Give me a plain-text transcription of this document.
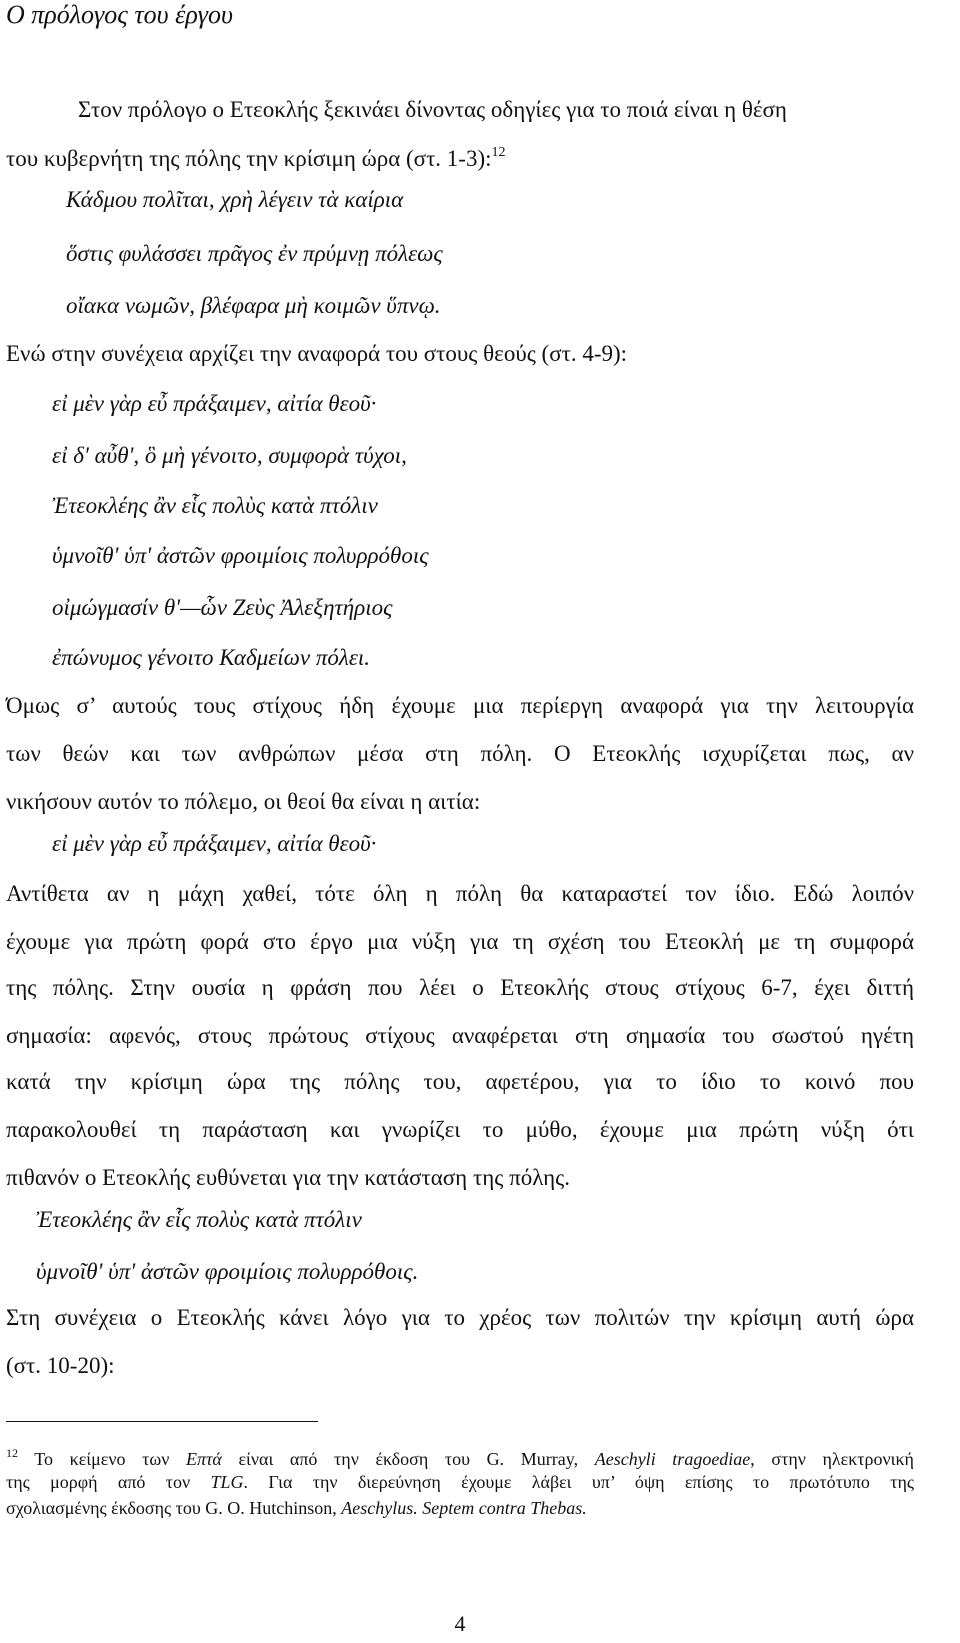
Ο πρόλογος του έργου
Στον πρόλογο ο Ετεοκλής ξεκινάει δίνοντας οδηγίες για το ποιά είναι η θέση
του κυβερνήτη της πόλης την κρίσιμη ώρα (στ. 1-3):$^{12}$
Κάδμου πολῖται, χρὴ λέγειν τὰ καίρια
ὅστις φυλάσσει πρᾶγος ἐν πρύμνῃ πόλεως
οἴακα νωμῶν, βλέφαρα μὴ κοιμῶν ὕπνῳ.
Ενώ στην συνέχεια αρχίζει την αναφορά του στους θεούς (στ. 4-9):
εἰ μὲν γὰρ εὖ πράξαιμεν, αἰτία θεοῦ·
εἰ δ' αὖθ', ὃ μὴ γένοιτο, συμφορὰ τύχοι,
Ἐτεοκλέης ἂν εἷς πολὺς κατὰ πτόλιν
ὑμνοῖθ' ὑπ' ἀστῶν φροιμίοις πολυρρόθοις
οἰμώγμασίν θ'—ὧν Ζεὺς Ἀλεξητήριος
ἐπώνυμος γένοιτο Καδμείων πόλει.
Όμως σ’ αυτούς τους στίχους ήδη έχουμε μια περίεργη αναφορά για την λειτουργία
των θεών και των ανθρώπων μέσα στη πόλη. Ο Ετεοκλής ισχυρίζεται πως, αν
νικήσουν αυτόν το πόλεμο, οι θεοί θα είναι η αιτία:
εἰ μὲν γὰρ εὖ πράξαιμεν, αἰτία θεοῦ·
Αντίθετα αν η μάχη χαθεί, τότε όλη η πόλη θα καταραστεί τον ίδιο. Εδώ λοιπόν
έχουμε για πρώτη φορά στο έργο μια νύξη για τη σχέση του Ετεοκλή με τη συμφορά
της πόλης. Στην ουσία η φράση που λέει ο Ετεοκλής στους στίχους 6-7, έχει διττή
σημασία: αφενός, στους πρώτους στίχους αναφέρεται στη σημασία του σωστού ηγέτη
κατά την κρίσιμη ώρα της πόλης του, αφετέρου, για το ίδιο το κοινό που
παρακολουθεί τη παράσταση και γνωρίζει το μύθο, έχουμε μια πρώτη νύξη ότι
πιθανόν ο Ετεοκλής ευθύνεται για την κατάσταση της πόλης.
Ἐτεοκλέης ἂν εἷς πολὺς κατὰ πτόλιν
ὑμνοῖθ' ὑπ' ἀστῶν φροιμίοις πολυρρόθοις.
Στη συνέχεια ο Ετεοκλής κάνει λόγο για το χρέος των πολιτών την κρίσιμη αυτή ώρα
(στ. 10-20):
$^{12}$ Το κείμενο των Επτά είναι από την έκδοση του G. Murray, Aeschyli tragoediae, στην ηλεκτρονική
της μορφή από τον TLG. Για την διερεύνηση έχουμε λάβει υπ’ όψη επίσης το πρωτότυπο της
σχολιασμένης έκδοσης του G. O. Hutchinson, Aeschylus. Septem contra Thebas.
4
